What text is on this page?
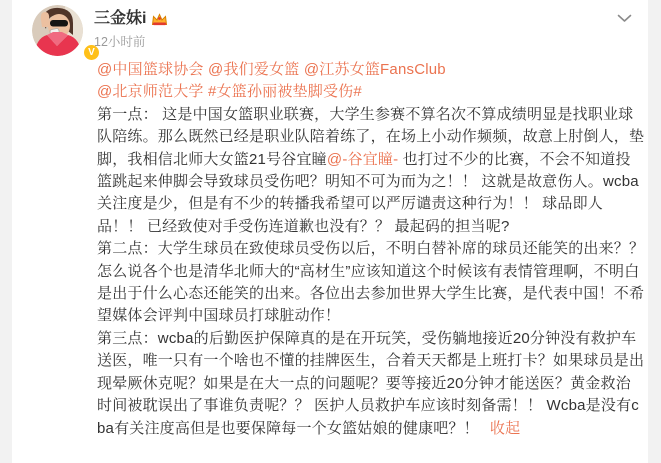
V
三金妹i
12小时前
@中国篮球协会 @我们爱女篮 @江苏女篮FansClub
@北京师范大学 #女篮孙丽被垫脚受伤#

第一点： 这是中国女篮职业联赛，大学生参赛不算名次不算成绩明显是找职业球队陪练。那么既然已经是职业队陪着练了，在场上小动作频频，故意上肘倒人，垫脚，我相信北师大女篮21号谷宜瞳@-谷宜瞳- 也打过不少的比赛，不会不知道投篮跳起来伸脚会导致球员受伤吧？明知不可为而为之！！ 这就是故意伤人。wcba关注度是少，但是有不少的转播我希望可以严厉谴责这种行为！！ 球品即人品！！ 已经致使对手受伤连道歉也没有？？ 最起码的担当呢?

第二点：大学生球员在致使球员受伤以后，不明白替补席的球员还能笑的出来？？ 怎么说各个也是清华北师大的“高材生”应该知道这个时候该有表情管理啊，不明白是出于什么心态还能笑的出来。各位出去参加世界大学生比赛，是代表中国！不希望媒体会评判中国球员打球脏动作！

第三点：wcba的后勤医护保障真的是在开玩笑，受伤躺地接近20分钟没有救护车送医，唯一只有一个啥也不懂的挂牌医生，合着天天都是上班打卡？如果球员是出现晕厥休克呢？如果是在大一点的问题呢？要等接近20分钟才能送医？黄金救治时间被耽误出了事谁负责呢？？ 医护人员救护车应该时刻备需！！ Wcba是没有cba有关注度高但是也要保障每一个女篮姑娘的健康吧？！ 收起
